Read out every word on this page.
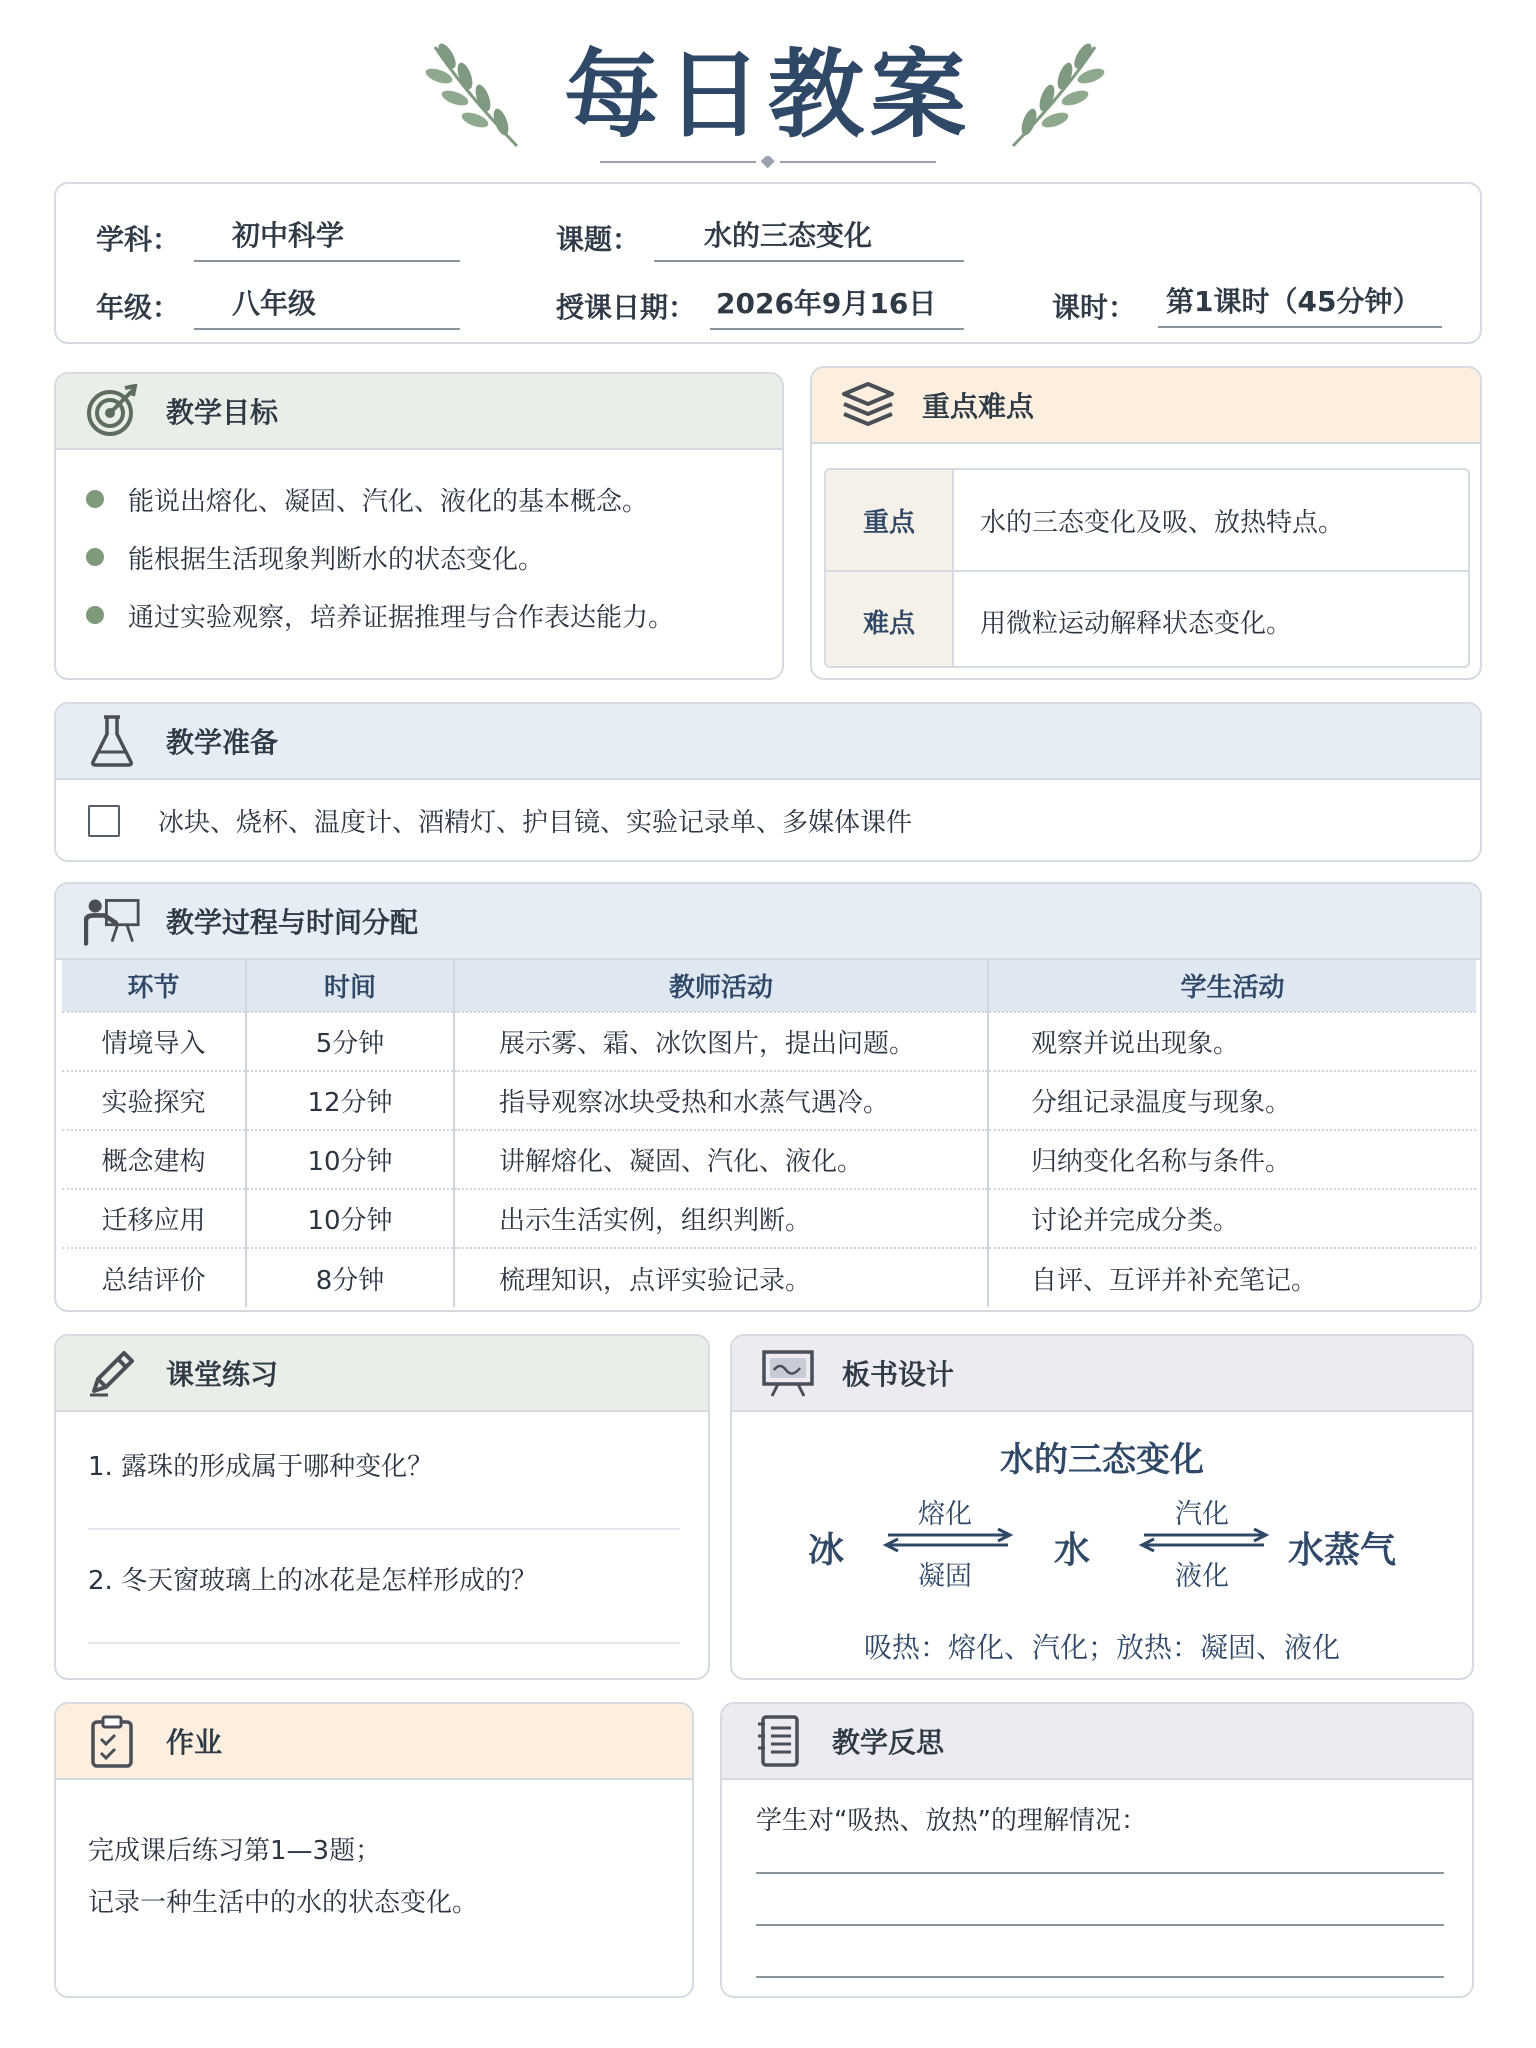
每日教案
学科：	初中科学	课题：	水的三态变化
年级：	八年级	授课日期： 2026年9月16日	课时： 第1课时（45分钟）
教学目标
能说出熔化、凝固、汽化、液化的基本概念。
能根据生活现象判断水的状态变化。
通过实验观察，培养证据推理与合作表达能力。
重点难点
重点	水的三态变化及吸、放热特点。
难点	用微粒运动解释状态变化。
教学准备
冰块、烧杯、温度计、酒精灯、护目镜、实验记录单、多媒体课件
教学过程与时间分配
环节	时间	教师活动	学生活动
情境导入	5分钟	展示雾、霜、冰饮图片，提出问题。	观察并说出现象。
实验探究	12分钟	指导观察冰块受热和水蒸气遇冷。	分组记录温度与现象。
概念建构	10分钟	讲解熔化、凝固、汽化、液化。	归纳变化名称与条件。
迁移应用	10分钟	出示生活实例，组织判断。	讨论并完成分类。
总结评价	8分钟	梳理知识，点评实验记录。	自评、互评并补充笔记。
课堂练习
1. 露珠的形成属于哪种变化？
2. 冬天窗玻璃上的冰花是怎样形成的？
板书设计
水的三态变化
冰
熔化
凝固
水
汽化
液化
水蒸气
吸热：熔化、汽化；放热：凝固、液化
作业
完成课后练习第1—3题；
记录一种生活中的水的状态变化。
教学反思
学生对“吸热、放热”的理解情况：
